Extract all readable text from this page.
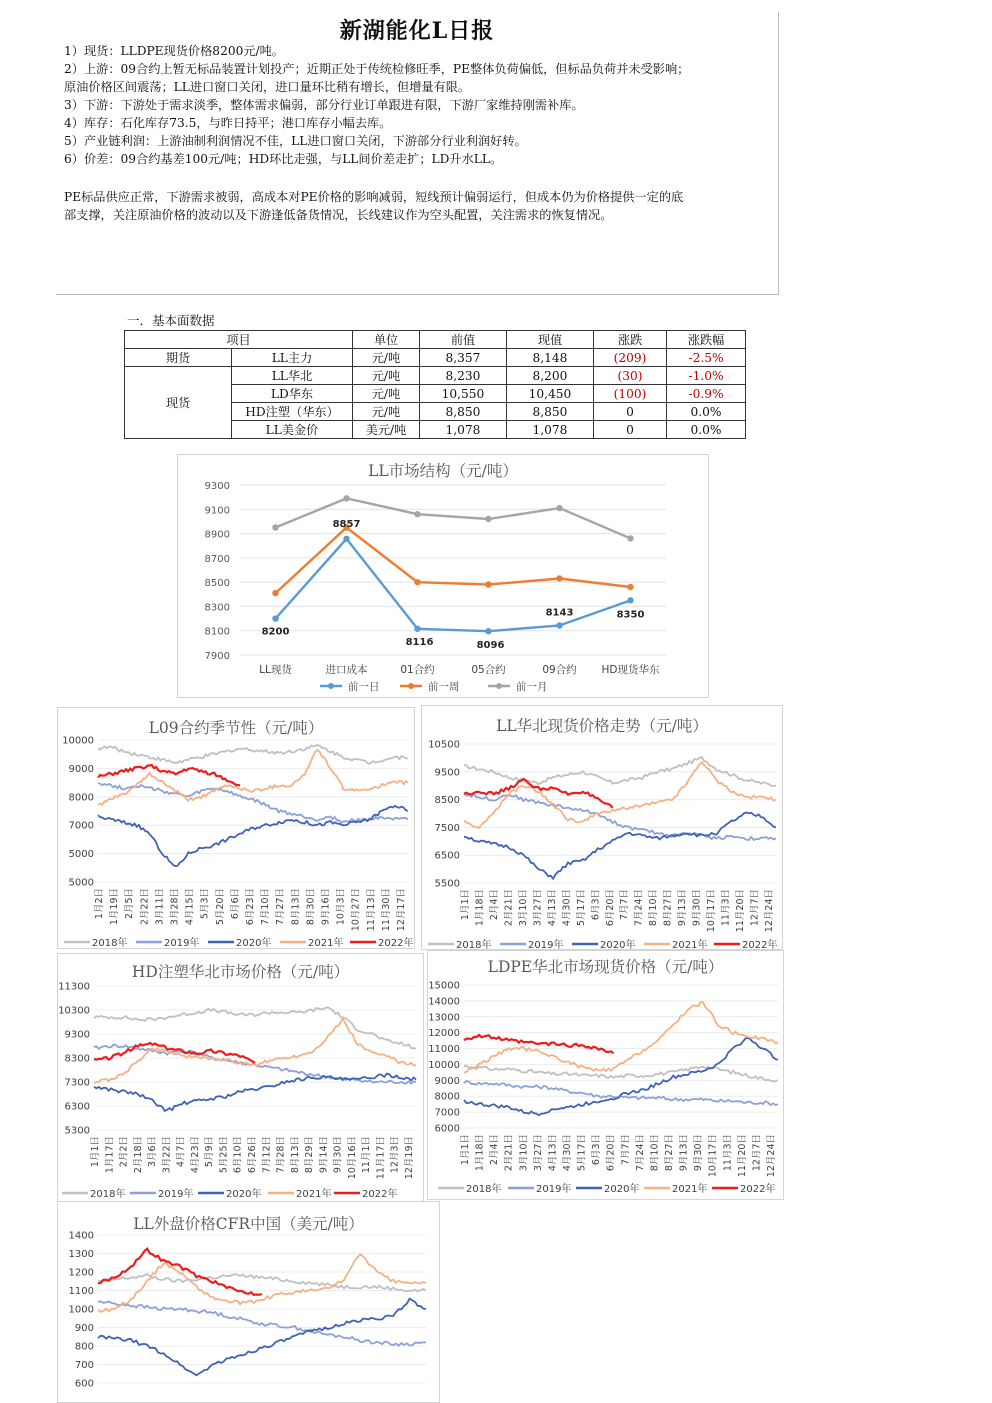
新湖能化L日报
1）现货：LLDPE现货价格8200元/吨。
2）上游：09合约上暂无标品装置计划投产；近期正处于传统检修旺季，PE整体负荷偏低，但标品负荷并未受影响；
原油价格区间震荡；LL进口窗口关闭，进口量环比稍有增长，但增量有限。
3）下游：下游处于需求淡季，整体需求偏弱，部分行业订单跟进有限，下游厂家维持刚需补库。
4）库存：石化库存73.5，与昨日持平；港口库存小幅去库。
5）产业链利润：上游油制利润情况不佳，LL进口窗口关闭，下游部分行业利润好转。
6）价差：09合约基差100元/吨；HD环比走强，与LL间价差走扩；LD升水LL。
PE标品供应正常，下游需求被弱，高成本对PE价格的影响减弱，短线预计偏弱运行，但成本仍为价格提供一定的底
部支撑，关注原油价格的波动以及下游逢低备货情况，长线建议作为空头配置，关注需求的恢复情况。
一．基本面数据
项目		单位	前值	现值	涨跌	涨跌幅
期货	LL主力	元/吨	8,357	8,148	(209)	-2.5%
现货	LL华北	元/吨	8,230	8,200	(30)	-1.0%
	LD华东	元/吨	10,550	10,450	(100)	-0.9%
	HD注塑（华东）	元/吨	8,850	8,850	0	0.0%
	LL美金价	美元/吨	1,078	1,078	0	0.0%
LL市场结构（元/吨）
7900
8100
8300
8500
8700
8900
9100
9300
LL现货	进口成本	01合约	05合约	09合约 HD现货华东
8200
8857
8116	8096
8143	8350
前一日	前一周	前一月
L09合约季节性（元/吨）
10000
9000
8000
7000
5000
5000
1月2日 1月19日 2月5日 2月22日 3月11日 3月28日 4月15日 5月3日 5月20日 6月6日 6月23日 7月10日 7月27日 8月13日 8月30日 9月16日 10月3日 10月27日 11月13日 11月30日 12月17日
2018年	2019年	2020年	2021年	2022年
LL华北现货价格走势（元/吨）
10500
9500
8500
7500
6500
5500
1月1日 1月18日 2月4日 2月21日 3月10日 3月27日 4月13日 4月30日 5月17日 6月3日 6月20日 7月7日 7月24日 8月10日 8月27日 9月13日 9月30日 10月17日 11月3日 11月20日 12月7日 12月24日
2018年	2019年	2020年	2021年	2022年
HD注塑华北市场价格（元/吨）
11300
10300
9300
8300
7300
6300
5300
1月1日 1月17日 2月2日 2月18日 3月6日 3月22日 4月7日 4月23日 5月9日 5月25日 6月10日 6月26日 7月12日 7月28日 8月13日 8月29日 9月14日 9月30日 10月16日 11月1日 11月17日 12月3日 12月19日
2018年	2019年	2020年	2021年	2022年
LDPE华北市场现货价格（元/吨）
15000
14000
13000
12000
11000
10000
9000
8000
7000
6000
1月1日 1月18日 2月4日 2月21日 3月10日 3月27日 4月13日 4月30日 5月17日 6月3日 6月20日 7月7日 7月24日 8月10日 8月27日 9月13日 9月30日 10月17日 11月3日 11月20日 12月7日 12月24日
2018年	2019年	2020年	2021年	2022年
LL外盘价格CFR中国（美元/吨）
1400
1300
1200
1100
1000
900
800
700
600
